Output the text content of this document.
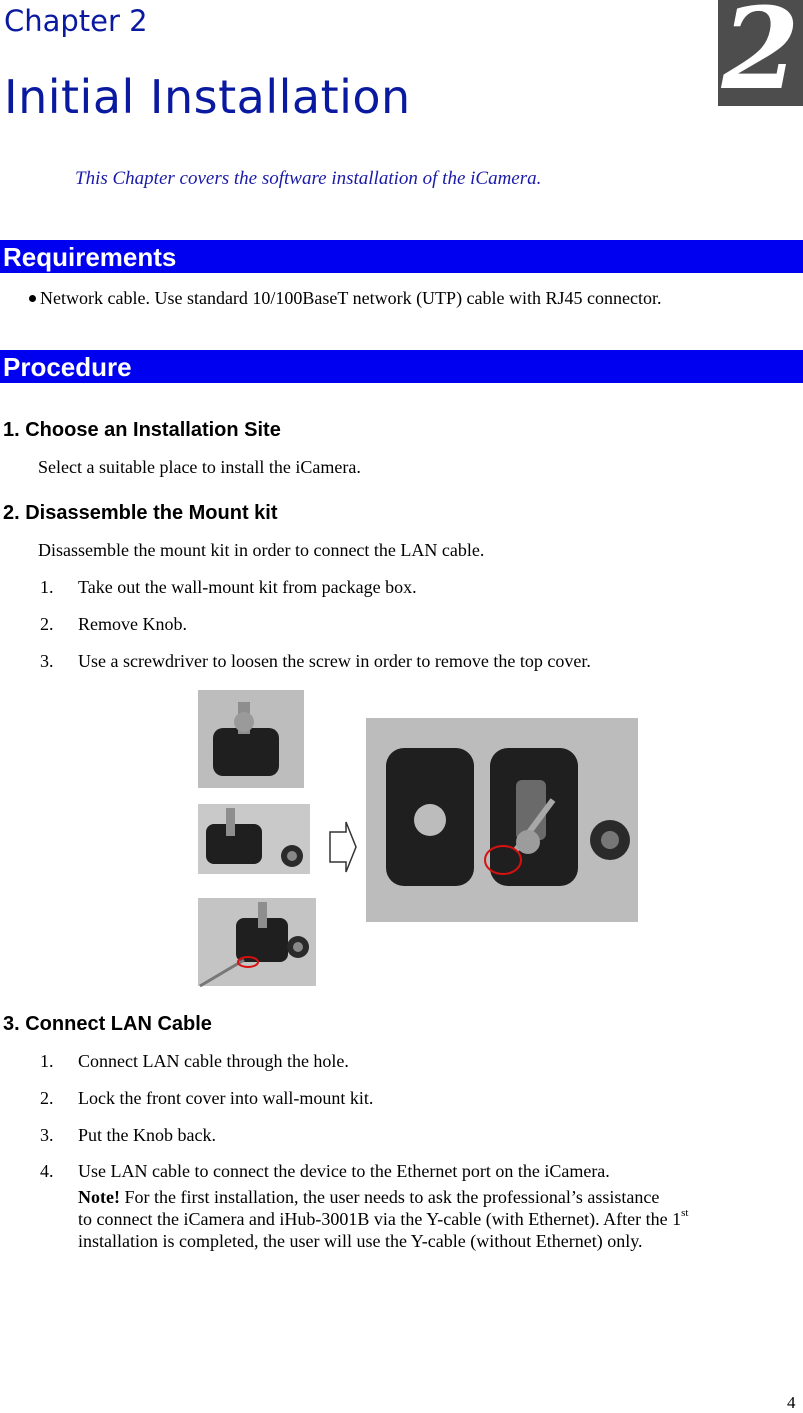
Chapter 2
Initial Installation	2
This Chapter covers the software installation of the iCamera.
Requirements
Network cable. Use standard 10/100BaseT network (UTP) cable with RJ45 connector.
Procedure
1. Choose an Installation Site
Select a suitable place to install the iCamera.
2. Disassemble the Mount kit
Disassemble the mount kit in order to connect the LAN cable.
1. Take out the wall-mount kit from package box.
2. Remove Knob.
3. Use a screwdriver to loosen the screw in order to remove the top cover.
3. Connect LAN Cable
1. Connect LAN cable through the hole.
2. Lock the front cover into wall-mount kit.
3. Put the Knob back.
4. Use LAN cable to connect the device to the Ethernet port on the iCamera.
Note! For the first installation, the user needs to ask the professional’s assistance
to connect the iCamera and iHub-3001B via the Y-cable (with Ethernet). After the 1st
installation is completed, the user will use the Y-cable (without Ethernet) only.
4
